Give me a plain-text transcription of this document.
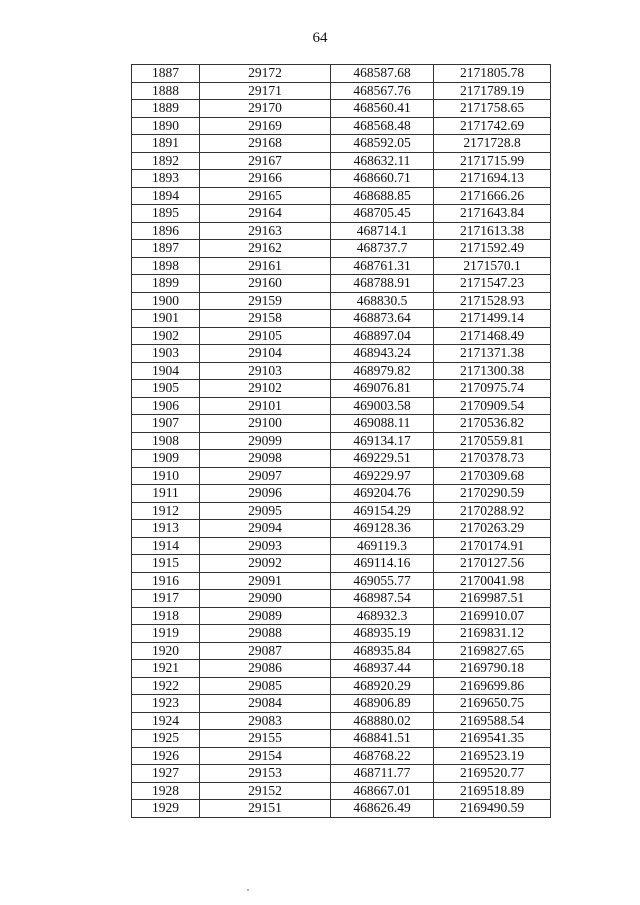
64
1887	29172	468587.68	2171805.78
1888	29171	468567.76	2171789.19
1889	29170	468560.41	2171758.65
1890	29169	468568.48	2171742.69
1891	29168	468592.05	2171728.8
1892	29167	468632.11	2171715.99
1893	29166	468660.71	2171694.13
1894	29165	468688.85	2171666.26
1895	29164	468705.45	2171643.84
1896	29163	468714.1	2171613.38
1897	29162	468737.7	2171592.49
1898	29161	468761.31	2171570.1
1899	29160	468788.91	2171547.23
1900	29159	468830.5	2171528.93
1901	29158	468873.64	2171499.14
1902	29105	468897.04	2171468.49
1903	29104	468943.24	2171371.38
1904	29103	468979.82	2171300.38
1905	29102	469076.81	2170975.74
1906	29101	469003.58	2170909.54
1907	29100	469088.11	2170536.82
1908	29099	469134.17	2170559.81
1909	29098	469229.51	2170378.73
1910	29097	469229.97	2170309.68
1911	29096	469204.76	2170290.59
1912	29095	469154.29	2170288.92
1913	29094	469128.36	2170263.29
1914	29093	469119.3	2170174.91
1915	29092	469114.16	2170127.56
1916	29091	469055.77	2170041.98
1917	29090	468987.54	2169987.51
1918	29089	468932.3	2169910.07
1919	29088	468935.19	2169831.12
1920	29087	468935.84	2169827.65
1921	29086	468937.44	2169790.18
1922	29085	468920.29	2169699.86
1923	29084	468906.89	2169650.75
1924	29083	468880.02	2169588.54
1925	29155	468841.51	2169541.35
1926	29154	468768.22	2169523.19
1927	29153	468711.77	2169520.77
1928	29152	468667.01	2169518.89
1929	29151	468626.49	2169490.59
